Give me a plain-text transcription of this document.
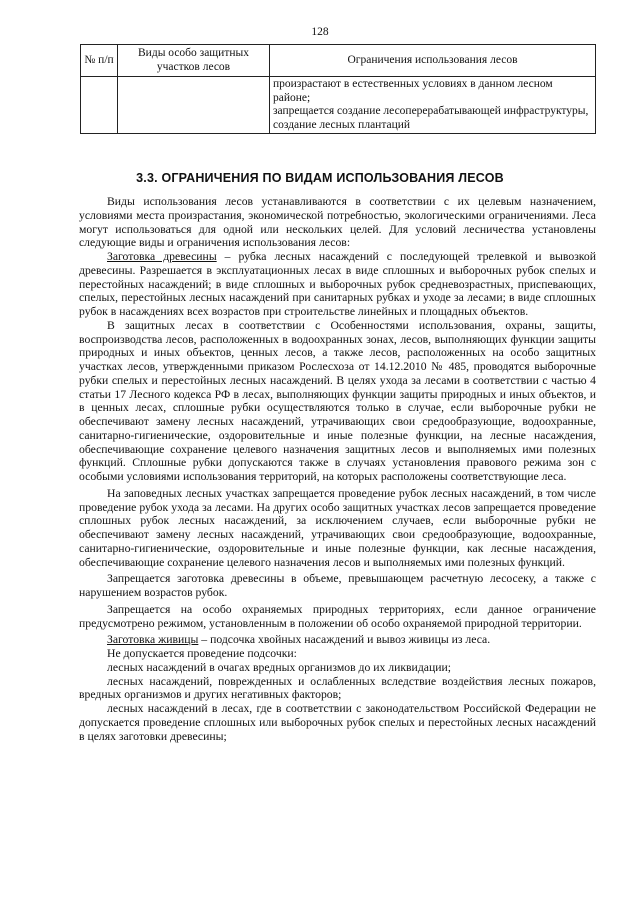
128
№ п/п	Виды особо защитных участков лесов	Ограничения использования лесов

		произрастают в естественных условиях в данном лесном районе;
запрещается создание лесоперерабатывающей инфраструктуры, создание лесных плантаций
3.3. ОГРАНИЧЕНИЯ ПО ВИДАМ ИСПОЛЬЗОВАНИЯ ЛЕСОВ

Виды использования лесов устанавливаются в соответствии с их целевым назначением, условиями места произрастания, экономической потребностью, экологическими ограничениями. Леса могут использоваться для одной или нескольких целей. Для условий лесничества установлены следующие виды и ограничения использования лесов:

Заготовка древесины – рубка лесных насаждений с последующей трелевкой и вывозкой древесины. Разрешается в эксплуатационных лесах в виде сплошных и выборочных рубок спелых и перестойных насаждений; в виде сплошных и выборочных рубок средневозрастных, приспевающих, спелых, перестойных лесных насаждений при санитарных рубках и уходе за лесами; в виде сплошных рубок в насаждениях всех возрастов при строительстве линейных и площадных объектов.

В защитных лесах в соответствии с Особенностями использования, охраны, защиты, воспроизводства лесов, расположенных в водоохранных зонах, лесов, выполняющих функции защиты природных и иных объектов, ценных лесов, а также лесов, расположенных на особо защитных участках лесов, утвержденными приказом Рослесхоза от 14.12.2010 № 485, проводятся выборочные рубки спелых и перестойных лесных насаждений. В целях ухода за лесами в соответствии с частью 4 статьи 17 Лесного кодекса РФ в лесах, выполняющих функции защиты природных и иных объектов, и в ценных лесах, сплошные рубки осуществляются только в случае, если выборочные рубки не обеспечивают замену лесных насаждений, утрачивающих свои средообразующие, водоохранные, санитарно-гигиенические, оздоровительные и иные полезные функции, на лесные насаждения, обеспечивающие сохранение целевого назначения защитных лесов и выполняемых ими полезных функций. Сплошные рубки допускаются также в случаях установления правового режима зон с особыми условиями использования территорий, на которых расположены соответствующие леса.

На заповедных лесных участках запрещается проведение рубок лесных насаждений, в том числе проведение рубок ухода за лесами. На других особо защитных участках лесов запрещается проведение сплошных рубок лесных насаждений, за исключением случаев, если выборочные рубки не обеспечивают замену лесных насаждений, утрачивающих свои средообразующие, водоохранные, санитарно-гигиенические, оздоровительные и иные полезные функции, как лесные насаждения, обеспечивающие сохранение целевого назначения лесов и выполняемых ими полезных функций.

Запрещается заготовка древесины в объеме, превышающем расчетную лесосеку, а также с нарушением возрастов рубок.

Запрещается на особо охраняемых природных территориях, если данное ограничение предусмотрено режимом, установленным в положении об особо охраняемой природной территории.

Заготовка живицы – подсочка хвойных насаждений и вывоз живицы из леса.

Не допускается проведение подсочки:

лесных насаждений в очагах вредных организмов до их ликвидации;

лесных насаждений, поврежденных и ослабленных вследствие воздействия лесных пожаров, вредных организмов и других негативных факторов;

лесных насаждений в лесах, где в соответствии с законодательством Российской Федерации не допускается проведение сплошных или выборочных рубок спелых и перестойных лесных насаждений в целях заготовки древесины;
